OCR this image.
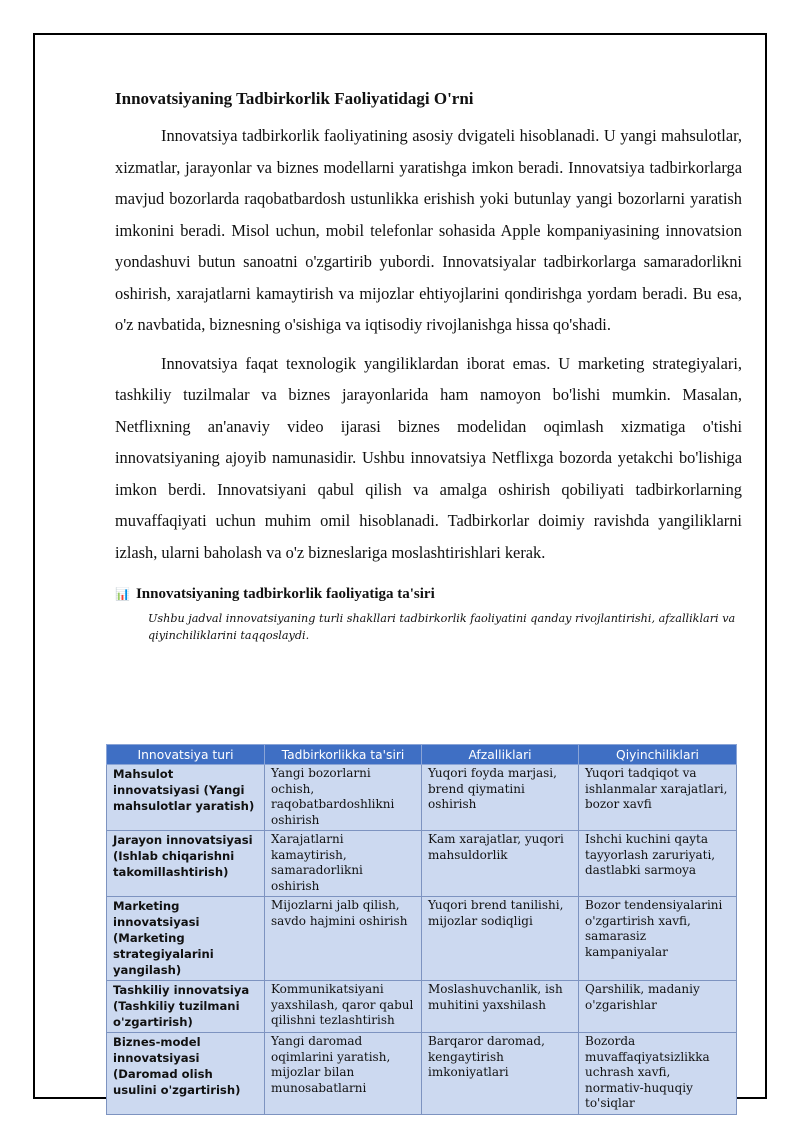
Innovatsiyaning Tadbirkorlik Faoliyatidagi O'rni

Innovatsiya tadbirkorlik faoliyatining asosiy dvigateli hisoblanadi. U yangi mahsulotlar, xizmatlar, jarayonlar va biznes modellarni yaratishga imkon beradi. Innovatsiya tadbirkorlarga mavjud bozorlarda raqobatbardosh ustunlikka erishish yoki butunlay yangi bozorlarni yaratish imkonini beradi. Misol uchun, mobil telefonlar sohasida Apple kompaniyasining innovatsion yondashuvi butun sanoatni o'zgartirib yubordi. Innovatsiyalar tadbirkorlarga samaradorlikni oshirish, xarajatlarni kamaytirish va mijozlar ehtiyojlarini qondirishga yordam beradi. Bu esa, o'z navbatida, biznesning o'sishiga va iqtisodiy rivojlanishga hissa qo'shadi.

Innovatsiya faqat texnologik yangiliklardan iborat emas. U marketing strategiyalari, tashkiliy tuzilmalar va biznes jarayonlarida ham namoyon bo'lishi mumkin. Masalan, Netflixning an'anaviy video ijarasi biznes modelidan oqimlash xizmatiga o'tishi innovatsiyaning ajoyib namunasidir. Ushbu innovatsiya Netflixga bozorda yetakchi bo'lishiga imkon berdi. Innovatsiyani qabul qilish va amalga oshirish qobiliyati tadbirkorlarning muvaffaqiyati uchun muhim omil hisoblanadi. Tadbirkorlar doimiy ravishda yangiliklarni izlash, ularni baholash va o'z bizneslariga moslashtirishlari kerak.

📊 Innovatsiyaning tadbirkorlik faoliyatiga ta'siri

Ushbu jadval innovatsiyaning turli shakllari tadbirkorlik faoliyatini qanday rivojlantirishi, afzalliklari va qiyinchiliklarini taqqoslaydi.

Innovatsiya turi	Tadbirkorlikka ta'siri	Afzalliklari	Qiyinchiliklari
Mahsulot innovatsiyasi (Yangi mahsulotlar yaratish)	Yangi bozorlarni ochish, raqobatbardoshlikni oshirish	Yuqori foyda marjasi, brend qiymatini oshirish	Yuqori tadqiqot va ishlanmalar xarajatlari, bozor xavfi
Jarayon innovatsiyasi (Ishlab chiqarishni takomillashtirish)	Xarajatlarni kamaytirish, samaradorlikni oshirish	Kam xarajatlar, yuqori mahsuldorlik	Ishchi kuchini qayta tayyorlash zaruriyati, dastlabki sarmoya
Marketing innovatsiyasi (Marketing strategiyalarini yangilash)	Mijozlarni jalb qilish, savdo hajmini oshirish	Yuqori brend tanilishi, mijozlar sodiqligi	Bozor tendensiyalarini o'zgartirish xavfi, samarasiz kampaniyalar
Tashkiliy innovatsiya (Tashkiliy tuzilmani o'zgartirish)	Kommunikatsiyani yaxshilash, qaror qabul qilishni tezlashtirish	Moslashuvchanlik, ish muhitini yaxshilash	Qarshilik, madaniy o'zgarishlar
Biznes-model innovatsiyasi (Daromad olish usulini o'zgartirish)	Yangi daromad oqimlarini yaratish, mijozlar bilan munosabatlarni	Barqaror daromad, kengaytirish imkoniyatlari	Bozorda muvaffaqiyatsizlikka uchrash xavfi, normativ-huquqiy to'siqlar
